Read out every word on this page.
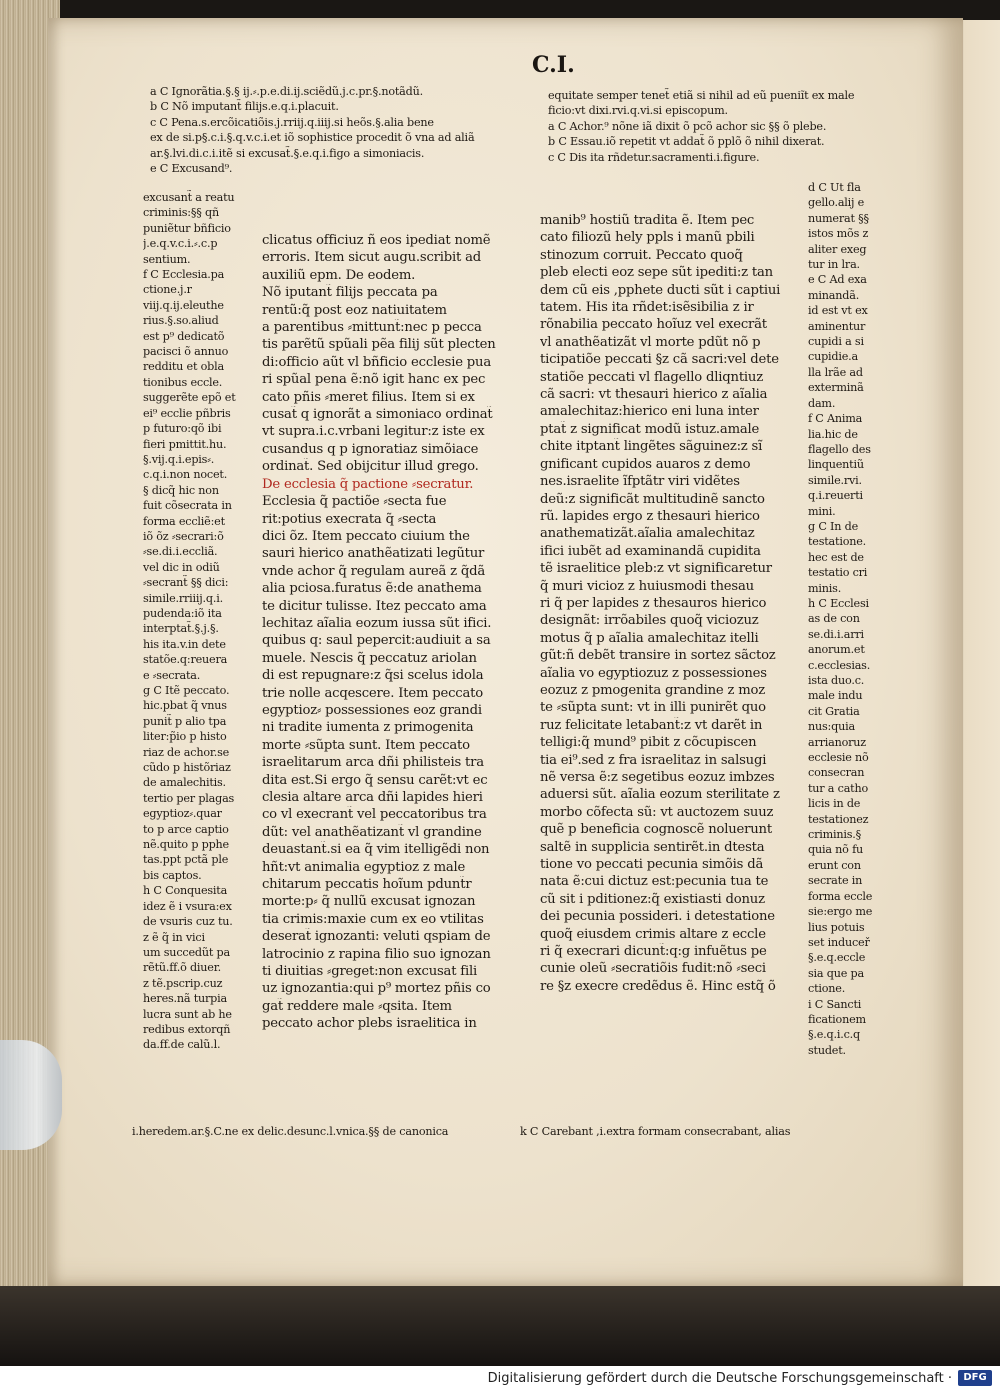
C.I.
a C Ignorãtia.§.§ ij.⸗.p.e.di.ij.sciẽdũ.j.c.pr.§.notãdũ.
b C Nõ imputant̃ filijs.e.q.i.placuit.
c C Pena.s.ercõicatiõis.j.rriij.q.iiij.si heõs.§.alia bene
ex de si.p§.c.i.§.q.v.c.i.et iõ sophistice procedit õ vna ad aliã
ar.§.lvi.di.c.i.itẽ si excusat̃.§.e.q.i.figo a simoniacis.
e C Excusand⁹.
equitate semper tenet̃ etiã si nihil ad eũ pueniĩt ex male
ficio:vt dixi.rvi.q.vi.si episcopum.
a C Achor.⁹ nõne iã dixit õ pcõ achor sic §§ õ plebe.
b C Essau.iõ repetit vt addat̃ õ pplõ õ nihil dixerat.
c C Dis ita rñdetur.sacramenti.i.figure.
excusant̃ a reatu
criminis:§§ qñ
puniẽtur bñficio
j.e.q.v.c.i.⸗.c.p
sentium.
f C Ecclesia.pa
ctione.j.r
viij.q.ij.eleuthe
rius.§.so.aliud
est p⁹ dedicatõ
pacisci õ annuo
redditu et obla
tionibus eccle.
suggerẽte epõ et
ei⁹ ecclie pñbris
p futuro:qõ ibi
fieri pmittit.hu.
§.vij.q.i.epis⸗.
c.q.i.non nocet.
§ dicq̃ hic non
fuit cõsecrata in
forma eccliẽ:et
iõ õz ⸗secrari:õ
⸗se.di.i.eccliã.
vel dic in odiũ
⸗secrant̃ §§ dici:
simile.rriiij.q.i.
pudenda:iõ ita
interptat̃.§.j.§.
his ita.v.in dete
statõe.q:reuera
e ⸗secrata.
g C Itẽ peccato.
hic.pbat q̃ vnus
punit̃ p alio tpa
liter:p̃io p histo
riaz de achor.se
cũdo p histõriaz
de amalechitis.
tertio per plagas
egyptioz⸗.quar
to p arce captio
nẽ.quito p pphe
tas.ppt pctã ple
bis captos.
h C Conquesita
idez ẽ i vsura:ex
de vsuris cuz tu.
z ẽ q̃ in vici
um succedũt pa
rẽtũ.ff.õ diuer.
z tẽ.pscrip.cuz
heres.nã turpia
lucra sunt ab he
redibus extorqñ
da.ff.de calũ.l.
d C Ut fla
gello.alij e
numerat §§
istos mõs z
aliter exeg
tur in lra.
e C Ad exa
minandã.
id est vt ex
aminentur
cupidi a si
cupidie.a
lla lrãe ad
exterminã
dam.
f C Anima
lia.hic de
flagello des
linquentiũ
simile.rvi.
q.i.reuerti
mini.
g C In de
testatione.
hec est de
testatio cri
minis.
h C Ecclesi
as de con
se.di.i.arri
anorum.et
c.ecclesias.
ista duo.c.
male indu
cit Gratia
nus:quia
arrianoruz
ecclesie nõ
consecran
tur a catho
licis in de
testationez
criminis.§
quia nõ fu
erunt con
secrate in
forma eccle
sie:ergo me
lius potuis
set induceř
§.e.q.eccle
sia que pa
ctione.
i C Sancti
ficationem
§.e.q.i.c.q
studet.
clicatus officiuz ñ eos ipediat nomẽ
erroris. Item sicut augu.scribit ad
auxiliũ epm. De eodem.
Nõ iputant̃ filijs peccata pa
rentũ:q̃ post eoz natiuitatem
a parentibus ⸗mittunt̃:nec p pecca
tis parẽtũ spũali pẽa filij sũt plecten
di:officio aũt vl bñficio ecclesie pua
ri spũal pena ẽ:nõ igit hanc ex pec
cato pñis ⸗meret filius. Item si ex
cusat̃ q ignorãt a simoniaco ordinat̃
vt supra.i.c.vrbani legitur:z iste ex
cusandus q p ignoratiaz simõiace
ordinat̃. Sed obijcitur illud grego.
De ecclesia q̃ pactione ⸗secratur.
Ecclesia q̃ pactiõe ⸗secta fue
rit:potius execrata q̃ ⸗secta
dici õz. Item peccato ciuium the
sauri hierico anathẽatizati legũtur
vnde achor q̃ regulam aureã z q̃dã
alia pciosa.furatus ẽ:de anathema
te dicitur tulisse. Itez peccato ama
lechitaz aĩalia eozum iussa sũt ifici.
quibus q: saul pepercit:audiuit a sa
muele. Nescis q̃ peccatuz ariolan
di est repugnare:z q̃si scelus idola
trie nolle acqescere. Item peccato
egyptioz⸗ possessiones eoz grandi
ni tradite iumenta z primogenita
morte ⸗sũpta sunt. Item peccato
israelitarum arca dñi philisteis tra
dita est.Si ergo q̃ sensu carẽt:vt ec
clesia altare arca dñi lapides hieri
co vl execrant̃ vel peccatoribus tra
dũt: vel anathẽatizant̃ vl grandine
deuastant̃.si ea q̃ vim itelligẽdi non
hñt:vt animalia egyptioz z male
chitarum peccatis hoĩum pdunt̃r
morte:p⸗ q̃ nullũ excusat ignozan
tia crimis:maxie cum ex eo vtilitas
deserat̃ ignozanti: veluti qspiam de
latrocinio z rapina filio suo ignozan
ti diuitias ⸗greget:non excusat fili
uz ignozantia:qui p⁹ mortez pñis co
gat̃ reddere male ⸗qsita. Item
peccato achor plebs israelitica in
manib⁹ hostiũ tradita ẽ. Item pec
cato filiozũ hely ppls i manũ pbili
stinozum corruit. Peccato quoq̃
pleb electi eoz sepe sũt ipediti:z tan
dem cũ eis ,pphete ducti sũt i captiui
tatem. His ita rñdet:isẽsibilia z ir
rõnabilia peccato hoĩuz vel execrãt
vl anathẽatizãt vl morte pdũt nõ p
ticipatiõe peccati §z cã sacri:vel dete
statiõe peccati vl flagello dliqntiuz
cã sacri: vt thesauri hierico z aĩalia
amalechitaz:hierico eni luna inter
ptat̃ z significat modũ istuz.amale
chite itptant̃ lingẽtes sãguinez:z sĩ
gnificant cupidos auaros z demo
nes.israelite ĩfptãtr viri vidẽtes
deũ:z significãt multitudinẽ sancto
rũ. lapides ergo z thesauri hierico
anathematizãt.aĩalia amalechitaz
ifici iubẽt ad examinandã cupidita
tẽ israelitice pleb:z vt significaretur
q̃ muri vicioz z huiusmodi thesau
ri q̃ per lapides z thesauros hierico
designãt: irrõabiles quoq̃ viciozuz
motus q̃ p aĩalia amalechitaz itelli
gũt:ñ debẽt transire in sortez sãctoz
aĩalia vo egyptiozuz z possessiones
eozuz z pmogenita grandine z moz
te ⸗sũpta sunt: vt in illi punirẽt quo
ruz felicitate letabant̃:z vt darẽt in
telligi:q̃ mund⁹ pibit z cõcupiscen
tia ei⁹.sed z fra israelitaz in salsugi
nẽ versa ẽ:z segetibus eozuz imbzes
aduersi sũt. aĩalia eozum sterilitate z
morbo cõfecta sũ: vt auctozem suuz
quẽ p beneficia cognoscẽ noluerunt
saltẽ in supplicia sentirẽt.in dtesta
tione vo peccati pecunia simõis dã
nata ẽ:cui dictuz est:pecunia tua te
cũ sit i pditionez:q̃ existiasti donuz
dei pecunia possideri. i detestatione
quoq̃ eiusdem crimis altare z eccle
ri q̃ execrari dicunt̃:q:g infuẽtus pe
cunie oleũ ⸗secratiõis fudit:nõ ⸗seci
re §z execre credẽdus ẽ. Hinc estq̃ õ
i.heredem.ar.§.C.ne ex delic.desunc.l.vnica.§§ de canonica	k C Carebant ,i.extra formam consecrabant, alias
Digitalisierung gefördert durch die Deutsche Forschungsgemeinschaft ·	DFG
